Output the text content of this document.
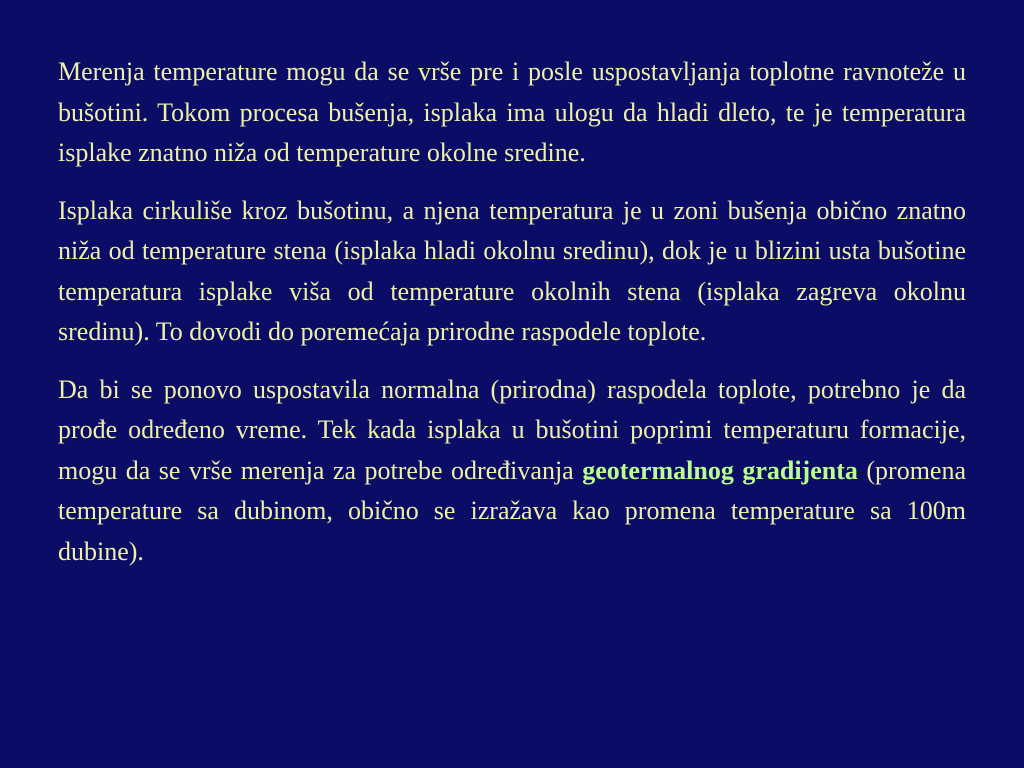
Merenja temperature mogu da se vrše pre i posle uspostavljanja toplotne ravnoteže u bušotini. Tokom procesa bušenja, isplaka ima ulogu da hladi dleto, te je temperatura isplake znatno niža od temperature okolne sredine.

Isplaka cirkuliše kroz bušotinu, a njena temperatura je u zoni bušenja obično znatno niža od temperature stena (isplaka hladi okolnu sredinu), dok je u blizini usta bušotine temperatura isplake viša od temperature okolnih stena (isplaka zagreva okolnu sredinu). To dovodi do poremećaja prirodne raspodele toplote.

Da bi se ponovo uspostavila normalna (prirodna) raspodela toplote, potrebno je da prođe određeno vreme. Tek kada isplaka u bušotini poprimi temperaturu formacije, mogu da se vrše merenja za potrebe određivanja geotermalnog gradijenta (promena temperature sa dubinom, obično se izražava kao promena temperature sa 100m dubine).
